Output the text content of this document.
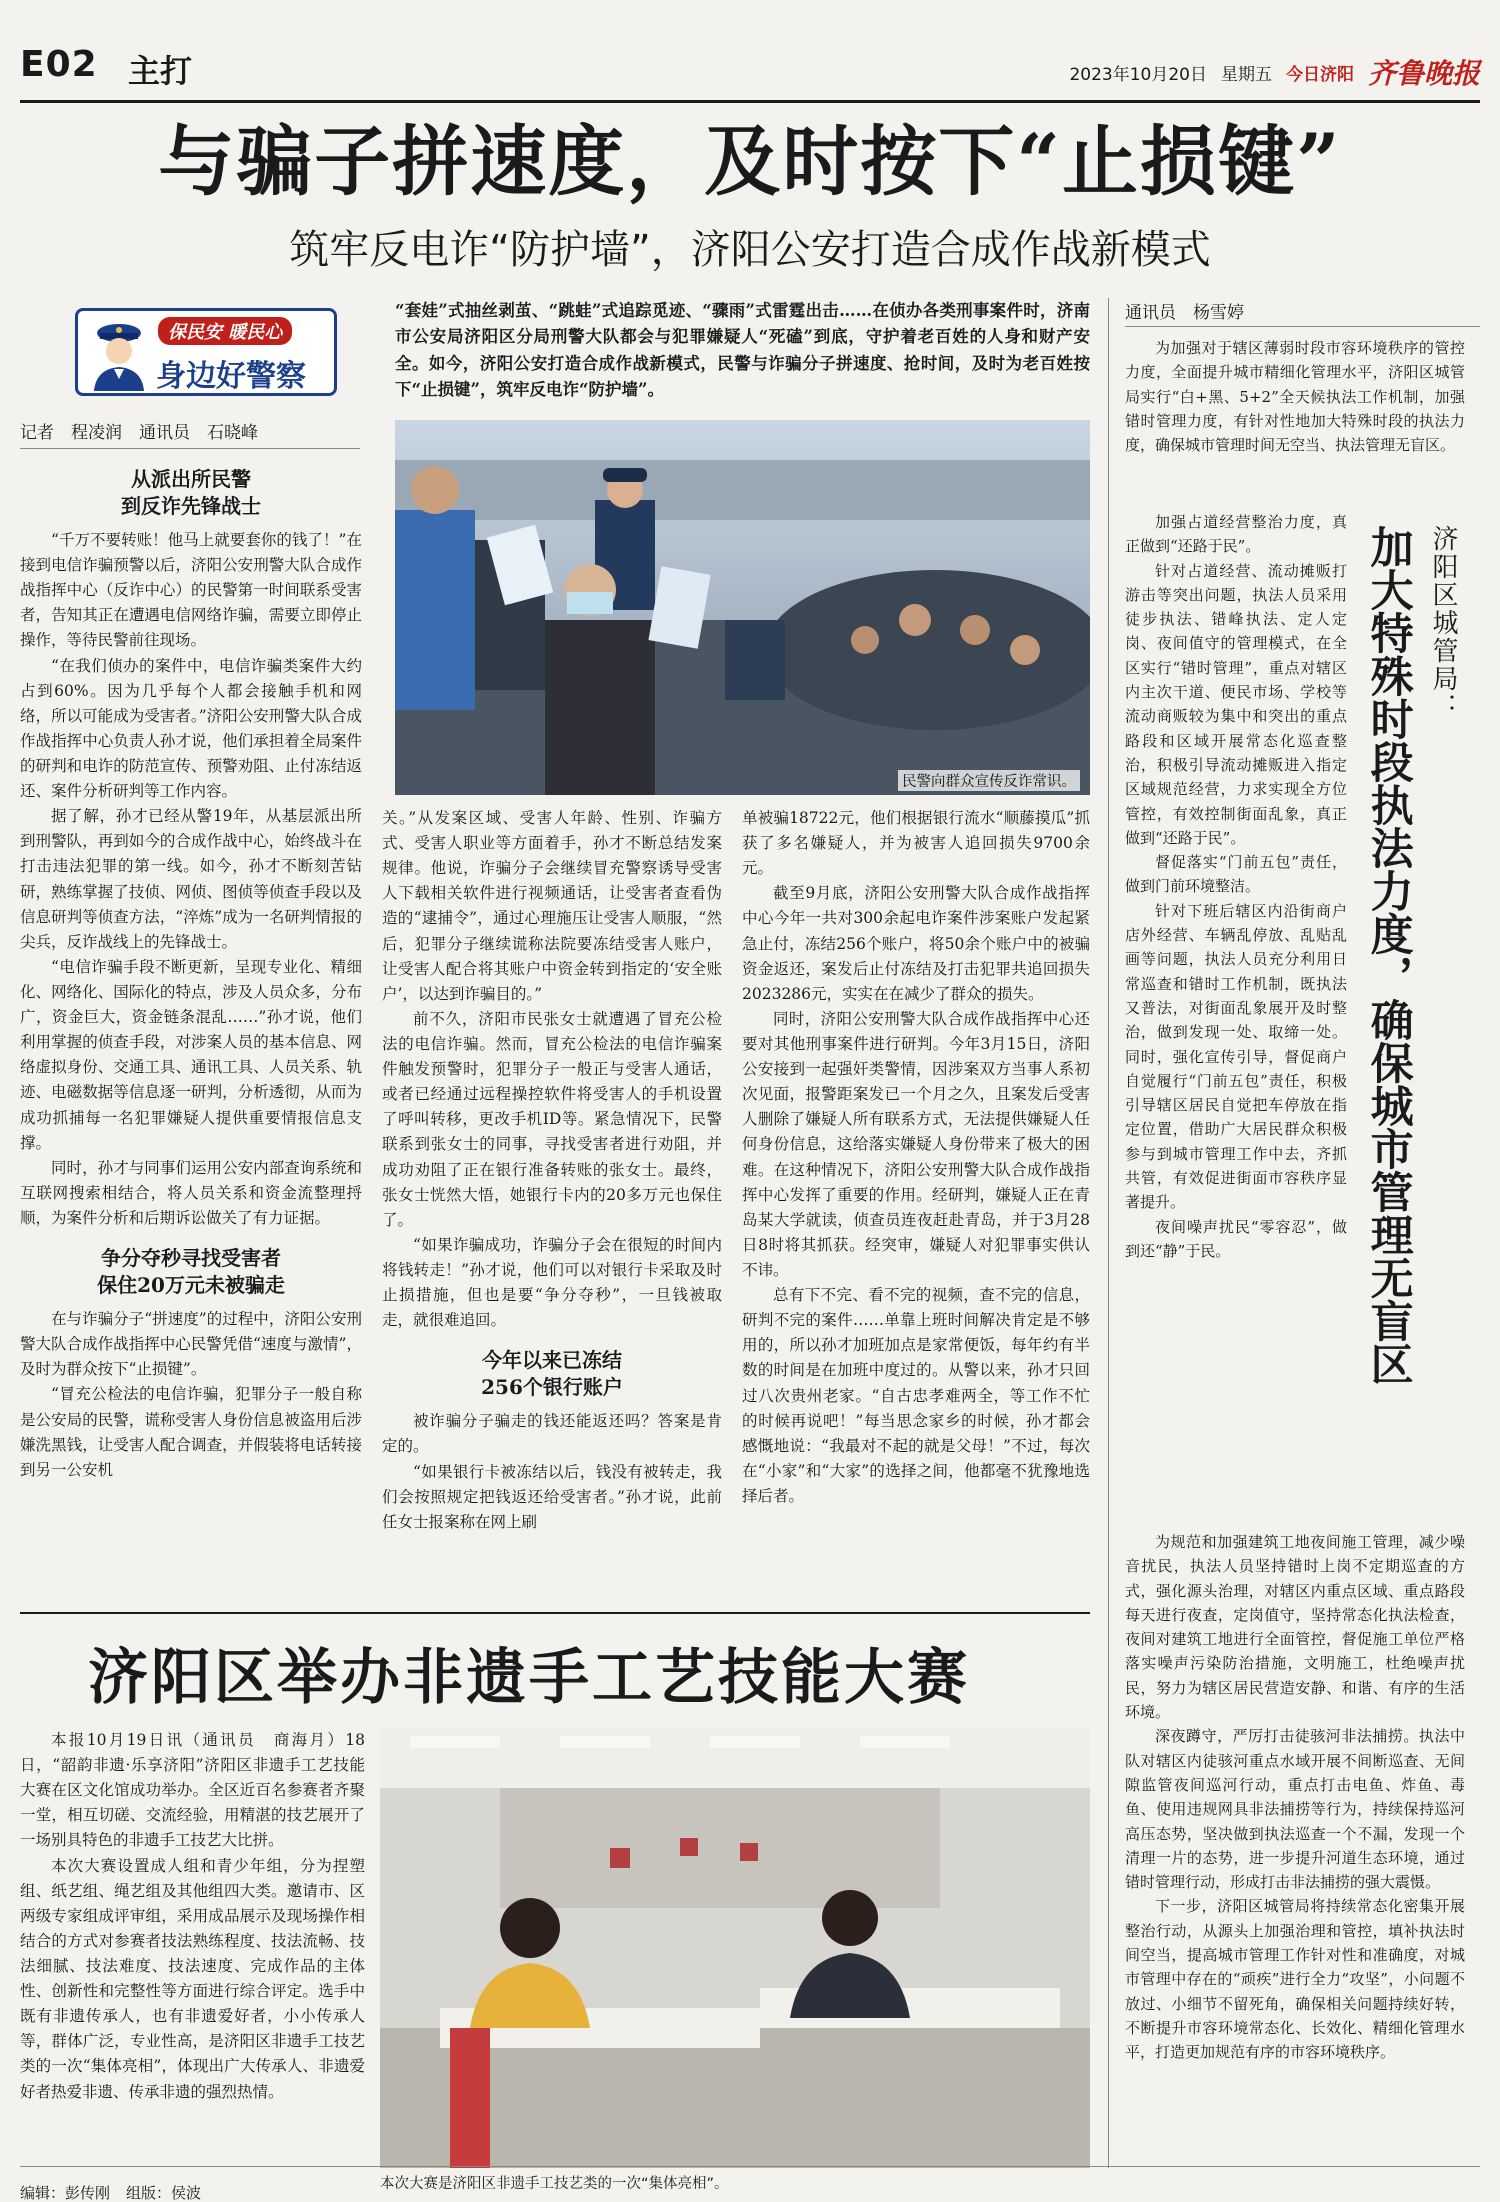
E02 主打	2023年10月20日 星期五 今日济阳 齐鲁晚报
与骗子拼速度，及时按下“止损键”
筑牢反电诈“防护墙”，济阳公安打造合成作战新模式
保民安 暖民心
身边好警察
记者　程凌润　通讯员　石晓峰
从派出所民警
到反诈先锋战士

“千万不要转账！他马上就要套你的钱了！”在接到电信诈骗预警以后，济阳公安刑警大队合成作战指挥中心（反诈中心）的民警第一时间联系受害者，告知其正在遭遇电信网络诈骗，需要立即停止操作，等待民警前往现场。

“在我们侦办的案件中，电信诈骗类案件大约占到60%。因为几乎每个人都会接触手机和网络，所以可能成为受害者。”济阳公安刑警大队合成作战指挥中心负责人孙才说，他们承担着全局案件的研判和电诈的防范宣传、预警劝阻、止付冻结返还、案件分析研判等工作内容。

据了解，孙才已经从警19年，从基层派出所到刑警队，再到如今的合成作战中心，始终战斗在打击违法犯罪的第一线。如今，孙才不断刻苦钻研，熟练掌握了技侦、网侦、图侦等侦查手段以及信息研判等侦查方法，“淬炼”成为一名研判情报的尖兵，反诈战线上的先锋战士。

“电信诈骗手段不断更新，呈现专业化、精细化、网络化、国际化的特点，涉及人员众多，分布广，资金巨大，资金链条混乱……”孙才说，他们利用掌握的侦查手段，对涉案人员的基本信息、网络虚拟身份、交通工具、通讯工具、人员关系、轨迹、电磁数据等信息逐一研判，分析透彻，从而为成功抓捕每一名犯罪嫌疑人提供重要情报信息支撑。

同时，孙才与同事们运用公安内部查询系统和互联网搜索相结合，将人员关系和资金流整理捋顺，为案件分析和后期诉讼做关了有力证据。

争分夺秒寻找受害者
保住20万元未被骗走

在与诈骗分子“拼速度”的过程中，济阳公安刑警大队合成作战指挥中心民警凭借“速度与激情”，及时为群众按下“止损键”。

“冒充公检法的电信诈骗，犯罪分子一般自称是公安局的民警，谎称受害人身份信息被盗用后涉嫌洗黑钱，让受害人配合调查，并假装将电话转接到另一公安机

“套娃”式抽丝剥茧、“跳蛙”式追踪觅迹、“骤雨”式雷霆出击……在侦办各类刑事案件时，济南市公安局济阳区分局刑警大队都会与犯罪嫌疑人“死磕”到底，守护着老百姓的人身和财产安全。如今，济阳公安打造合成作战新模式，民警与诈骗分子拼速度、抢时间，及时为老百姓按下“止损键”，筑牢反电诈“防护墙”。
民警向群众宣传反诈常识。

关。”从发案区域、受害人年龄、性别、诈骗方式、受害人职业等方面着手，孙才不断总结发案规律。他说，诈骗分子会继续冒充警察诱导受害人下载相关软件进行视频通话，让受害者查看伪造的“逮捕令”，通过心理施压让受害人顺服，“然后，犯罪分子继续谎称法院要冻结受害人账户，让受害人配合将其账户中资金转到指定的‘安全账户’，以达到诈骗目的。”

前不久，济阳市民张女士就遭遇了冒充公检法的电信诈骗。然而，冒充公检法的电信诈骗案件触发预警时，犯罪分子一般正与受害人通话，或者已经通过远程操控软件将受害人的手机设置了呼叫转移，更改手机ID等。紧急情况下，民警联系到张女士的同事，寻找受害者进行劝阻，并成功劝阻了正在银行准备转账的张女士。最终，张女士恍然大悟，她银行卡内的20多万元也保住了。

“如果诈骗成功，诈骗分子会在很短的时间内将钱转走！”孙才说，他们可以对银行卡采取及时止损措施，但也是要“争分夺秒”，一旦钱被取走，就很难追回。

今年以来已冻结
256个银行账户

被诈骗分子骗走的钱还能返还吗？答案是肯定的。

“如果银行卡被冻结以后，钱没有被转走，我们会按照规定把钱返还给受害者。”孙才说，此前任女士报案称在网上刷

单被骗18722元，他们根据银行流水“顺藤摸瓜”抓获了多名嫌疑人，并为被害人追回损失9700余元。

截至9月底，济阳公安刑警大队合成作战指挥中心今年一共对300余起电诈案件涉案账户发起紧急止付，冻结256个账户，将50余个账户中的被骗资金返还，案发后止付冻结及打击犯罪共追回损失2023286元，实实在在减少了群众的损失。

同时，济阳公安刑警大队合成作战指挥中心还要对其他刑事案件进行研判。今年3月15日，济阳公安接到一起强奸类警情，因涉案双方当事人系初次见面，报警距案发已一个月之久，且案发后受害人删除了嫌疑人所有联系方式，无法提供嫌疑人任何身份信息，这给落实嫌疑人身份带来了极大的困难。在这种情况下，济阳公安刑警大队合成作战指挥中心发挥了重要的作用。经研判，嫌疑人正在青岛某大学就读，侦查员连夜赶赴青岛，并于3月28日8时将其抓获。经突审，嫌疑人对犯罪事实供认不讳。

总有下不完、看不完的视频，查不完的信息，研判不完的案件……单靠上班时间解决肯定是不够用的，所以孙才加班加点是家常便饭，每年约有半数的时间是在加班中度过的。从警以来，孙才只回过八次贵州老家。“自古忠孝难两全，等工作不忙的时候再说吧！”每当思念家乡的时候，孙才都会感慨地说：“我最对不起的就是父母！”不过，每次在“小家”和“大家”的选择之间，他都毫不犹豫地选择后者。

通讯员　杨雪婷

为加强对于辖区薄弱时段市容环境秩序的管控力度，全面提升城市精细化管理水平，济阳区城管局实行“白+黑、5+2”全天候执法工作机制，加强错时管理力度，有针对性地加大特殊时段的执法力度，确保城市管理时间无空当、执法管理无盲区。

加强占道经营整治力度，真正做到“还路于民”。

针对占道经营、流动摊贩打游击等突出问题，执法人员采用徒步执法、错峰执法、定人定岗、夜间值守的管理模式，在全区实行“错时管理”，重点对辖区内主次干道、便民市场、学校等流动商贩较为集中和突出的重点路段和区域开展常态化巡查整治，积极引导流动摊贩进入指定区域规范经营，力求实现全方位管控，有效控制街面乱象，真正做到“还路于民”。

督促落实“门前五包”责任，做到门前环境整洁。

针对下班后辖区内沿街商户店外经营、车辆乱停放、乱贴乱画等问题，执法人员充分利用日常巡查和错时工作机制，既执法又普法，对街面乱象展开及时整治，做到发现一处、取缔一处。同时，强化宣传引导，督促商户自觉履行“门前五包”责任，积极引导辖区居民自觉把车停放在指定位置，借助广大居民群众积极参与到城市管理工作中去，齐抓共管，有效促进街面市容秩序显著提升。

夜间噪声扰民“零容忍”，做到还“静”于民。

济阳区城管局：
加大特殊时段执法力度，确保城市管理无盲区

为规范和加强建筑工地夜间施工管理，减少噪音扰民，执法人员坚持错时上岗不定期巡查的方式，强化源头治理，对辖区内重点区域、重点路段每天进行夜查，定岗值守，坚持常态化执法检查，夜间对建筑工地进行全面管控，督促施工单位严格落实噪声污染防治措施，文明施工，杜绝噪声扰民，努力为辖区居民营造安静、和谐、有序的生活环境。

深夜蹲守，严厉打击徒骇河非法捕捞。执法中队对辖区内徒骇河重点水域开展不间断巡查、无间隙监管夜间巡河行动，重点打击电鱼、炸鱼、毒鱼、使用违规网具非法捕捞等行为，持续保持巡河高压态势，坚决做到执法巡查一个不漏，发现一个清理一片的态势，进一步提升河道生态环境，通过错时管理行动，形成打击非法捕捞的强大震慑。

下一步，济阳区城管局将持续常态化密集开展整治行动，从源头上加强治理和管控，填补执法时间空当，提高城市管理工作针对性和准确度，对城市管理中存在的“顽疾”进行全力“攻坚”，小问题不放过、小细节不留死角，确保相关问题持续好转，不断提升市容环境常态化、长效化、精细化管理水平，打造更加规范有序的市容环境秩序。

济阳区举办非遗手工艺技能大赛

本报10月19日讯（通讯员　商海月）18日，“韶韵非遗·乐享济阳”济阳区非遗手工艺技能大赛在区文化馆成功举办。全区近百名参赛者齐聚一堂，相互切磋、交流经验，用精湛的技艺展开了一场别具特色的非遗手工技艺大比拼。

本次大赛设置成人组和青少年组，分为捏塑组、纸艺组、绳艺组及其他组四大类。邀请市、区两级专家组成评审组，采用成品展示及现场操作相结合的方式对参赛者技法熟练程度、技法流畅、技法细腻、技法难度、技法速度、完成作品的主体性、创新性和完整性等方面进行综合评定。选手中既有非遗传承人，也有非遗爱好者，小小传承人等，群体广泛，专业性高，是济阳区非遗手工技艺类的一次“集体亮相”，体现出广大传承人、非遗爱好者热爱非遗、传承非遗的强烈热情。

本次大赛是济阳区非遗手工技艺类的一次“集体亮相”。
编辑：彭传刚 组版：侯波
